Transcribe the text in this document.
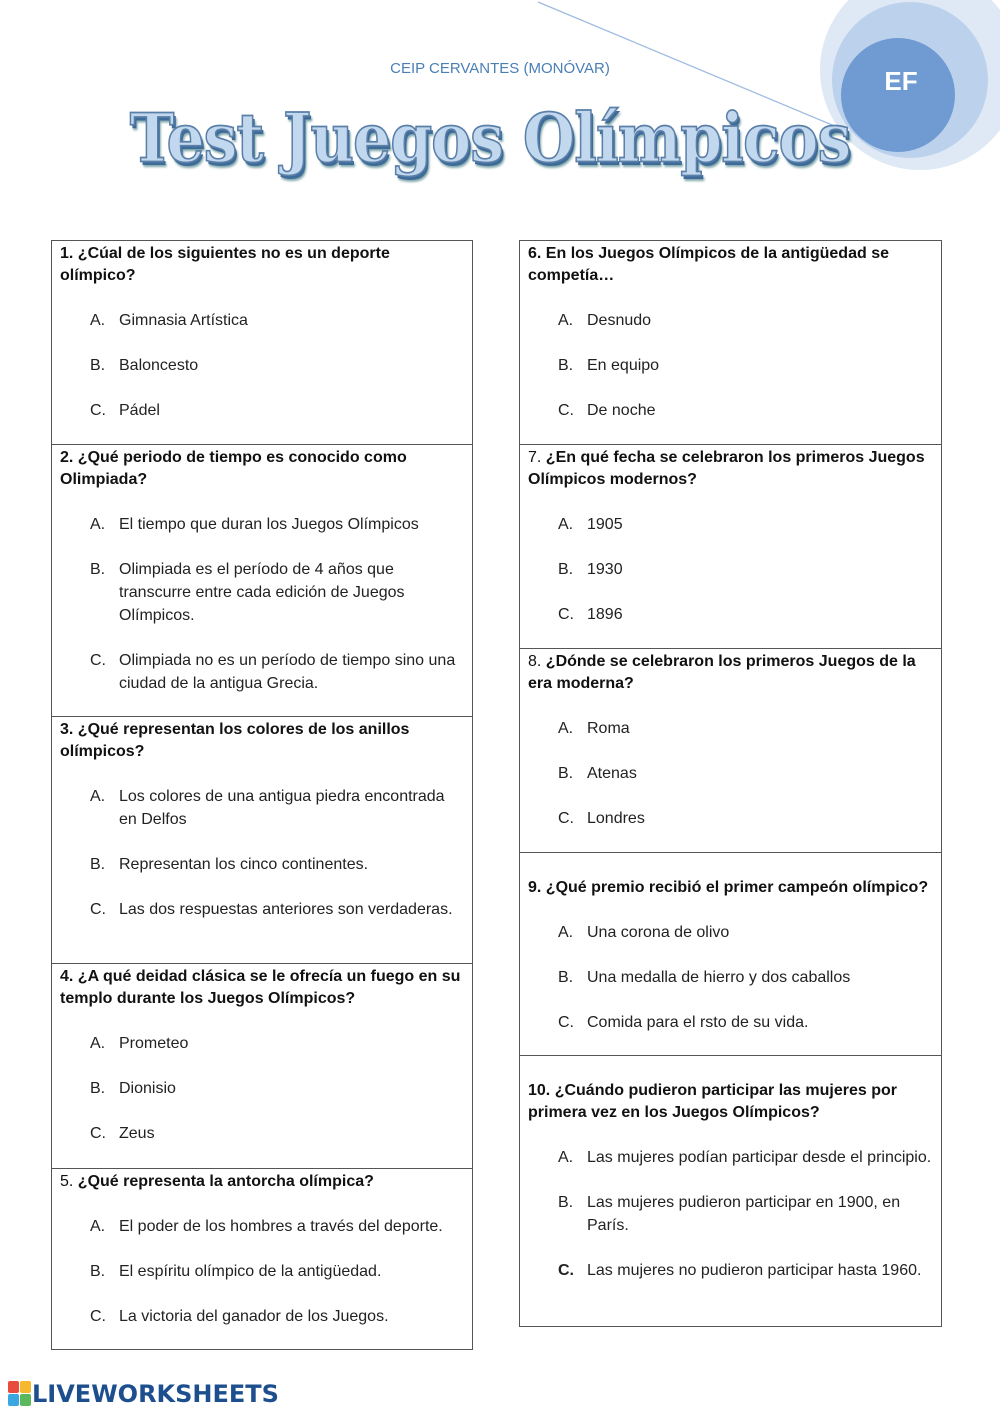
CEIP CERVANTES (MONÓVAR)	EF
Test Juegos Olímpicos
1. ¿Cúal de los siguientes no es un deporte olímpico?
A. Gimnasia Artística
B. Baloncesto
C. Pádel
2. ¿Qué periodo de tiempo es conocido como Olimpiada?
A. El tiempo que duran los Juegos Olímpicos
B. Olimpiada es el período de 4 años que transcurre entre cada edición de Juegos Olímpicos.
C. Olimpiada no es un período de tiempo sino una ciudad de la antigua Grecia.
3. ¿Qué representan los colores de los anillos olímpicos?
A. Los colores de una antigua piedra encontrada en Delfos
B. Representan los cinco continentes.
C. Las dos respuestas anteriores son verdaderas.
4. ¿A qué deidad clásica se le ofrecía un fuego en su templo durante los Juegos Olímpicos?
A. Prometeo
B. Dionisio
C. Zeus
5. ¿Qué representa la antorcha olímpica?
A. El poder de los hombres a través del deporte.
B. El espíritu olímpico de la antigüedad.
C. La victoria del ganador de los Juegos.
6. En los Juegos Olímpicos de la antigüedad se competía…
A. Desnudo
B. En equipo
C. De noche
7. ¿En qué fecha se celebraron los primeros Juegos Olímpicos modernos?
A. 1905
B. 1930
C. 1896
8. ¿Dónde se celebraron los primeros Juegos de la era moderna?
A. Roma
B. Atenas
C. Londres
9. ¿Qué premio recibió el primer campeón olímpico?
A. Una corona de olivo
B. Una medalla de hierro y dos caballos
C. Comida para el rsto de su vida.
10. ¿Cuándo pudieron participar las mujeres por primera vez en los Juegos Olímpicos?
A. Las mujeres podían participar desde el principio.
B. Las mujeres pudieron participar en 1900, en París.
C. Las mujeres no pudieron participar hasta 1960.
LIVEWORKSHEETS
